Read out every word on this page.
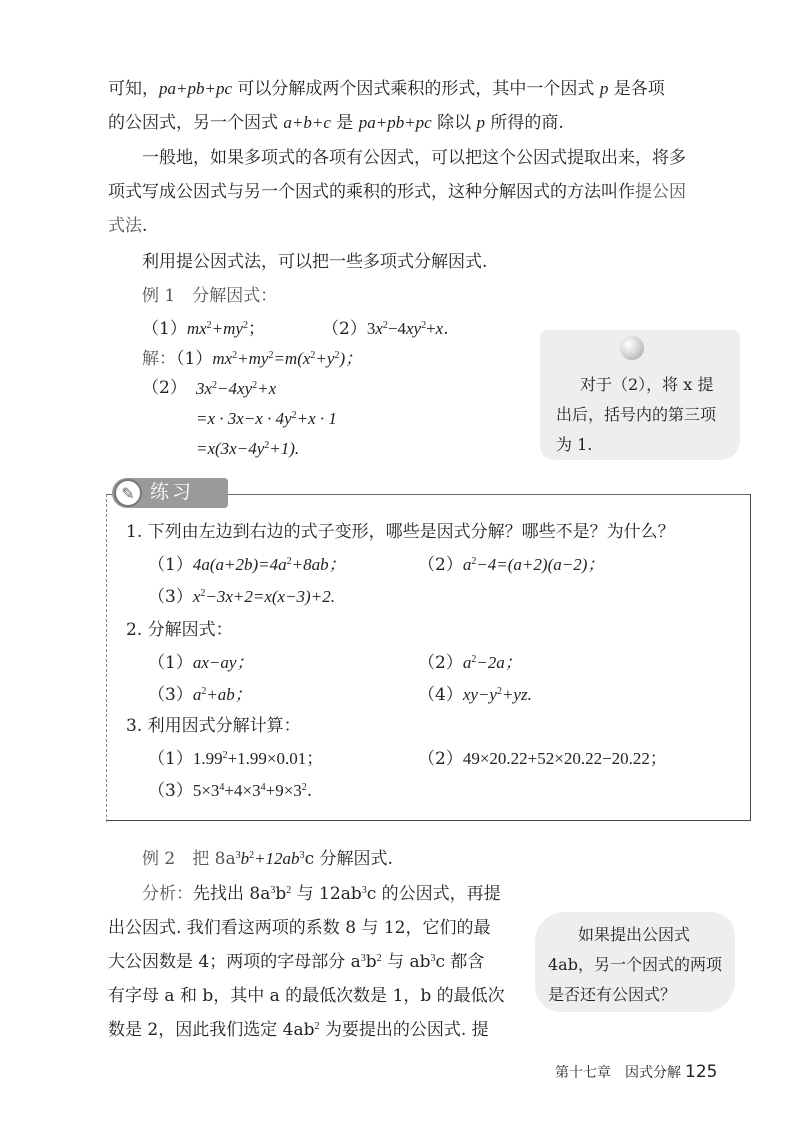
可知，pa+pb+pc 可以分解成两个因式乘积的形式，其中一个因式 p 是各项
的公因式，另一个因式 a+b+c 是 pa+pb+pc 除以 p 所得的商.
一般地，如果多项式的各项有公因式，可以把这个公因式提取出来，将多
项式写成公因式与另一个因式的乘积的形式，这种分解因式的方法叫作提公因
式法.
利用提公因式法，可以把一些多项式分解因式.
例 1　分解因式：
$(1)mx^2+my^2$；	$(2)3x^2-4xy^2+x$.
解：$(1)mx^2+my^2=m(x^2+y^2)$；
（2） $3x^2-4xy^2+x$
$=x \cdot 3x-x \cdot 4y^2+x \cdot 1$
$=x(3x-4y^2+1)$.
对于（2），将 x 提
出后，括号内的第三项
为 1.
✎ 练习
1. 下列由左边到右边的式子变形，哪些是因式分解？哪些不是？为什么？
$(1)4a(a+2b)=4a^2+8ab$；	$(2)a^2-4=(a+2)(a-2)$；
$(3)x^2-3x+2=x(x-3)+2$.
2. 分解因式：
（1）ax−ay；	$(2)a^2-2a$；
$(3)a^2+ab$；	$(4)xy-y^2+yz$.
3. 利用因式分解计算：
$(1)1.99^2+1.99\times 0.01$；	（2）49×20.22+52×20.22−20.22；
$(3)5\times 3^4+4\times 3^4+9\times 3^2$.
例 2　把 $8a^3b^2+12ab^3c$ 分解因式.
分析：先找出 $8a^3b^2$ 与 $12ab^3c$ 的公因式，再提
出公因式. 我们看这两项的系数 8 与 12，它们的最
大公因数是 4；两项的字母部分 $a^3b^2$ 与 $ab^3c$ 都含
有字母 a 和 b，其中 a 的最低次数是 1，b 的最低次
数是 2，因此我们选定 $4ab^2$ 为要提出的公因式. 提
如果提出公因式
4ab，另一个因式的两项
是否还有公因式？
第十七章　因式分解 125
